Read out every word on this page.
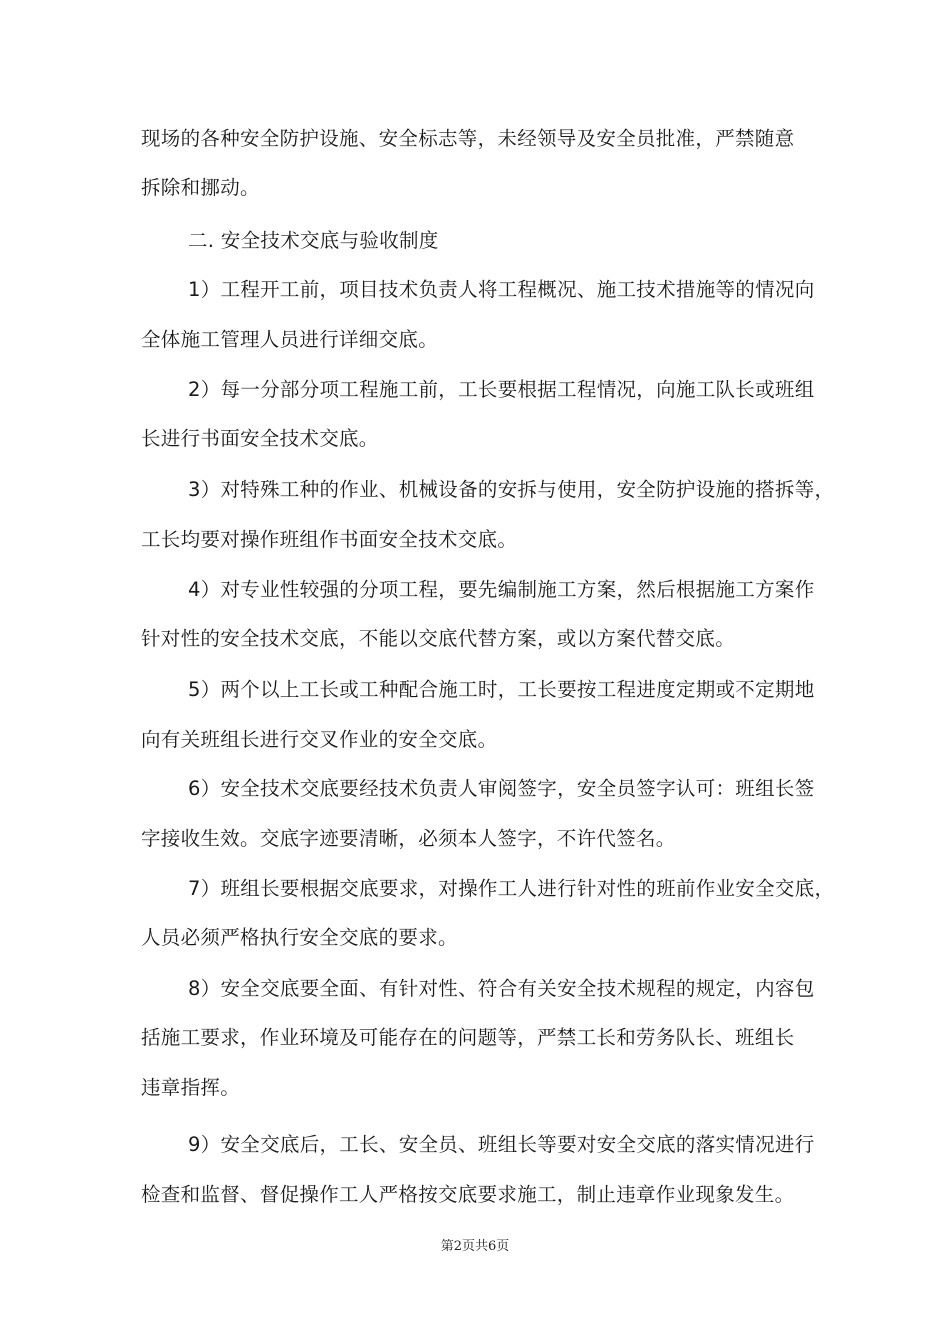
现场的各种安全防护设施、安全标志等，未经领导及安全员批准，严禁随意
拆除和挪动。
二. 安全技术交底与验收制度
1）工程开工前，项目技术负责人将工程概况、施工技术措施等的情况向
全体施工管理人员进行详细交底。
2）每一分部分项工程施工前，工长要根据工程情况，向施工队长或班组
长进行书面安全技术交底。
3）对特殊工种的作业、机械设备的安拆与使用，安全防护设施的搭拆等，
工长均要对操作班组作书面安全技术交底。
4）对专业性较强的分项工程，要先编制施工方案，然后根据施工方案作
针对性的安全技术交底，不能以交底代替方案，或以方案代替交底。
5）两个以上工长或工种配合施工时，工长要按工程进度定期或不定期地
向有关班组长进行交叉作业的安全交底。
6）安全技术交底要经技术负责人审阅签字，安全员签字认可：班组长签
字接收生效。交底字迹要清晰，必须本人签字，不许代签名。
7）班组长要根据交底要求，对操作工人进行针对性的班前作业安全交底，
人员必须严格执行安全交底的要求。
8）安全交底要全面、有针对性、符合有关安全技术规程的规定，内容包
括施工要求，作业环境及可能存在的问题等，严禁工长和劳务队长、班组长
违章指挥。
9）安全交底后，工长、安全员、班组长等要对安全交底的落实情况进行
检查和监督、督促操作工人严格按交底要求施工，制止违章作业现象发生。
第2页共6页
